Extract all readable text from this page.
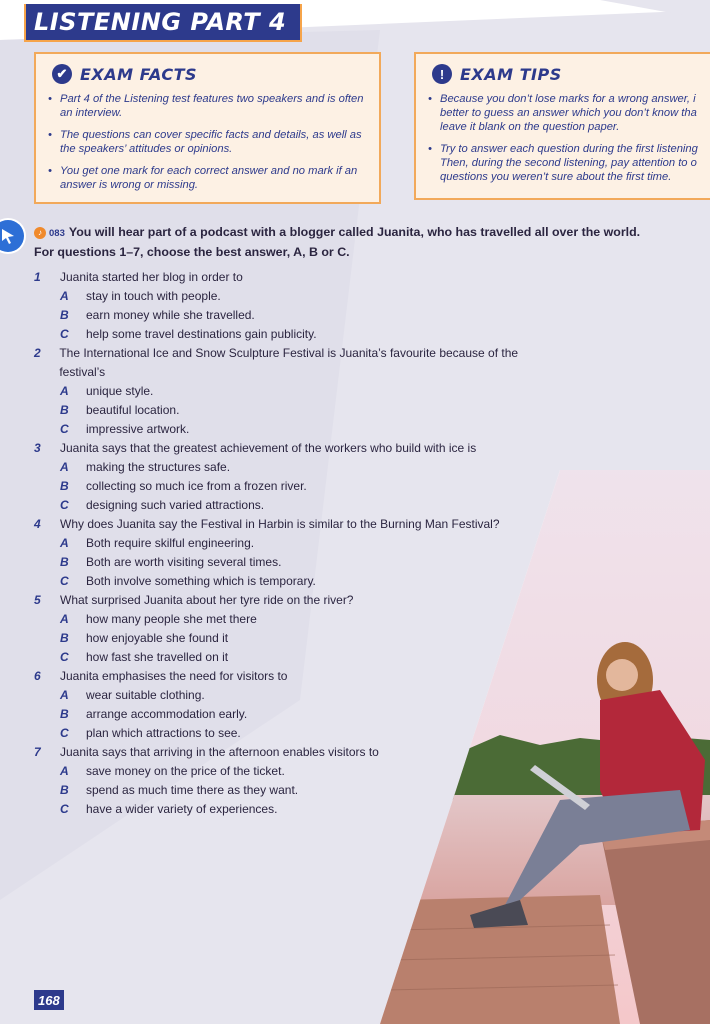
LISTENING PART 4
✔ EXAM FACTS
• Part 4 of the Listening test features two speakers and is often an interview.
• The questions can cover specific facts and details, as well as the speakers’ attitudes or opinions.
• You get one mark for each correct answer and no mark if an answer is wrong or missing.
! EXAM TIPS
• Because you don’t lose marks for a wrong answer, i
better to guess an answer which you don’t know tha
leave it blank on the question paper.
• Try to answer each question during the first listening
Then, during the second listening, pay attention to o
questions you weren’t sure about the first time.
♪ 083 You will hear part of a podcast with a blogger called Juanita, who has travelled all over the world.
For questions 1–7, choose the best answer, A, B or C.
1	Juanita started her blog in order to
A	stay in touch with people.
B	earn money while she travelled.
C	help some travel destinations gain publicity.
2	The International Ice and Snow Sculpture Festival is Juanita’s favourite because of the festival’s
A	unique style.
B	beautiful location.
C	impressive artwork.
3	Juanita says that the greatest achievement of the workers who build with ice is
A	making the structures safe.
B	collecting so much ice from a frozen river.
C	designing such varied attractions.
4	Why does Juanita say the Festival in Harbin is similar to the Burning Man Festival?
A	Both require skilful engineering.
B	Both are worth visiting several times.
C	Both involve something which is temporary.
5	What surprised Juanita about her tyre ride on the river?
A	how many people she met there
B	how enjoyable she found it
C	how fast she travelled on it
6	Juanita emphasises the need for visitors to
A	wear suitable clothing.
B	arrange accommodation early.
C	plan which attractions to see.
7	Juanita says that arriving in the afternoon enables visitors to
A	save money on the price of the ticket.
B	spend as much time there as they want.
C	have a wider variety of experiences.
168
